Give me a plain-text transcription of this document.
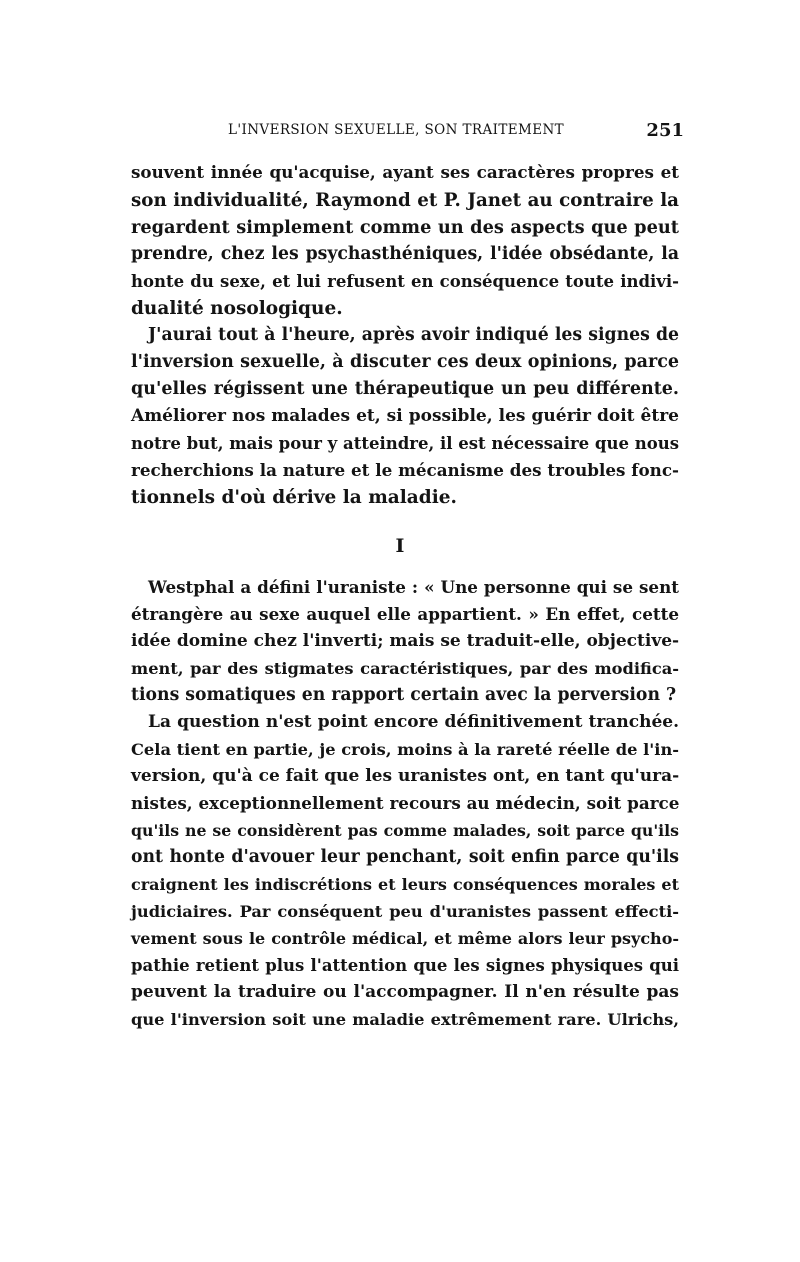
L'INVERSION SEXUELLE, SON TRAITEMENT	251
souvent innée qu'acquise, ayant ses caractères propres et
son individualité, Raymond et P. Janet au contraire la
regardent simplement comme un des aspects que peut
prendre, chez les psychasthéniques, l'idée obsédante, la
honte du sexe, et lui refusent en conséquence toute indivi-
dualité nosologique.
J'aurai tout à l'heure, après avoir indiqué les signes de
l'inversion sexuelle, à discuter ces deux opinions, parce
qu'elles régissent une thérapeutique un peu différente.
Améliorer nos malades et, si possible, les guérir doit être
notre but, mais pour y atteindre, il est nécessaire que nous
recherchions la nature et le mécanisme des troubles fonc-
tionnels d'où dérive la maladie.
I
Westphal a défini l'uraniste : « Une personne qui se sent
étrangère au sexe auquel elle appartient. » En effet, cette
idée domine chez l'inverti; mais se traduit-elle, objective-
ment, par des stigmates caractéristiques, par des modifica-
tions somatiques en rapport certain avec la perversion ?
La question n'est point encore définitivement tranchée.
Cela tient en partie, je crois, moins à la rareté réelle de l'in-
version, qu'à ce fait que les uranistes ont, en tant qu'ura-
nistes, exceptionnellement recours au médecin, soit parce
qu'ils ne se considèrent pas comme malades, soit parce qu'ils
ont honte d'avouer leur penchant, soit enfin parce qu'ils
craignent les indiscrétions et leurs conséquences morales et
judiciaires. Par conséquent peu d'uranistes passent effecti-
vement sous le contrôle médical, et même alors leur psycho-
pathie retient plus l'attention que les signes physiques qui
peuvent la traduire ou l'accompagner. Il n'en résulte pas
que l'inversion soit une maladie extrêmement rare. Ulrichs,
